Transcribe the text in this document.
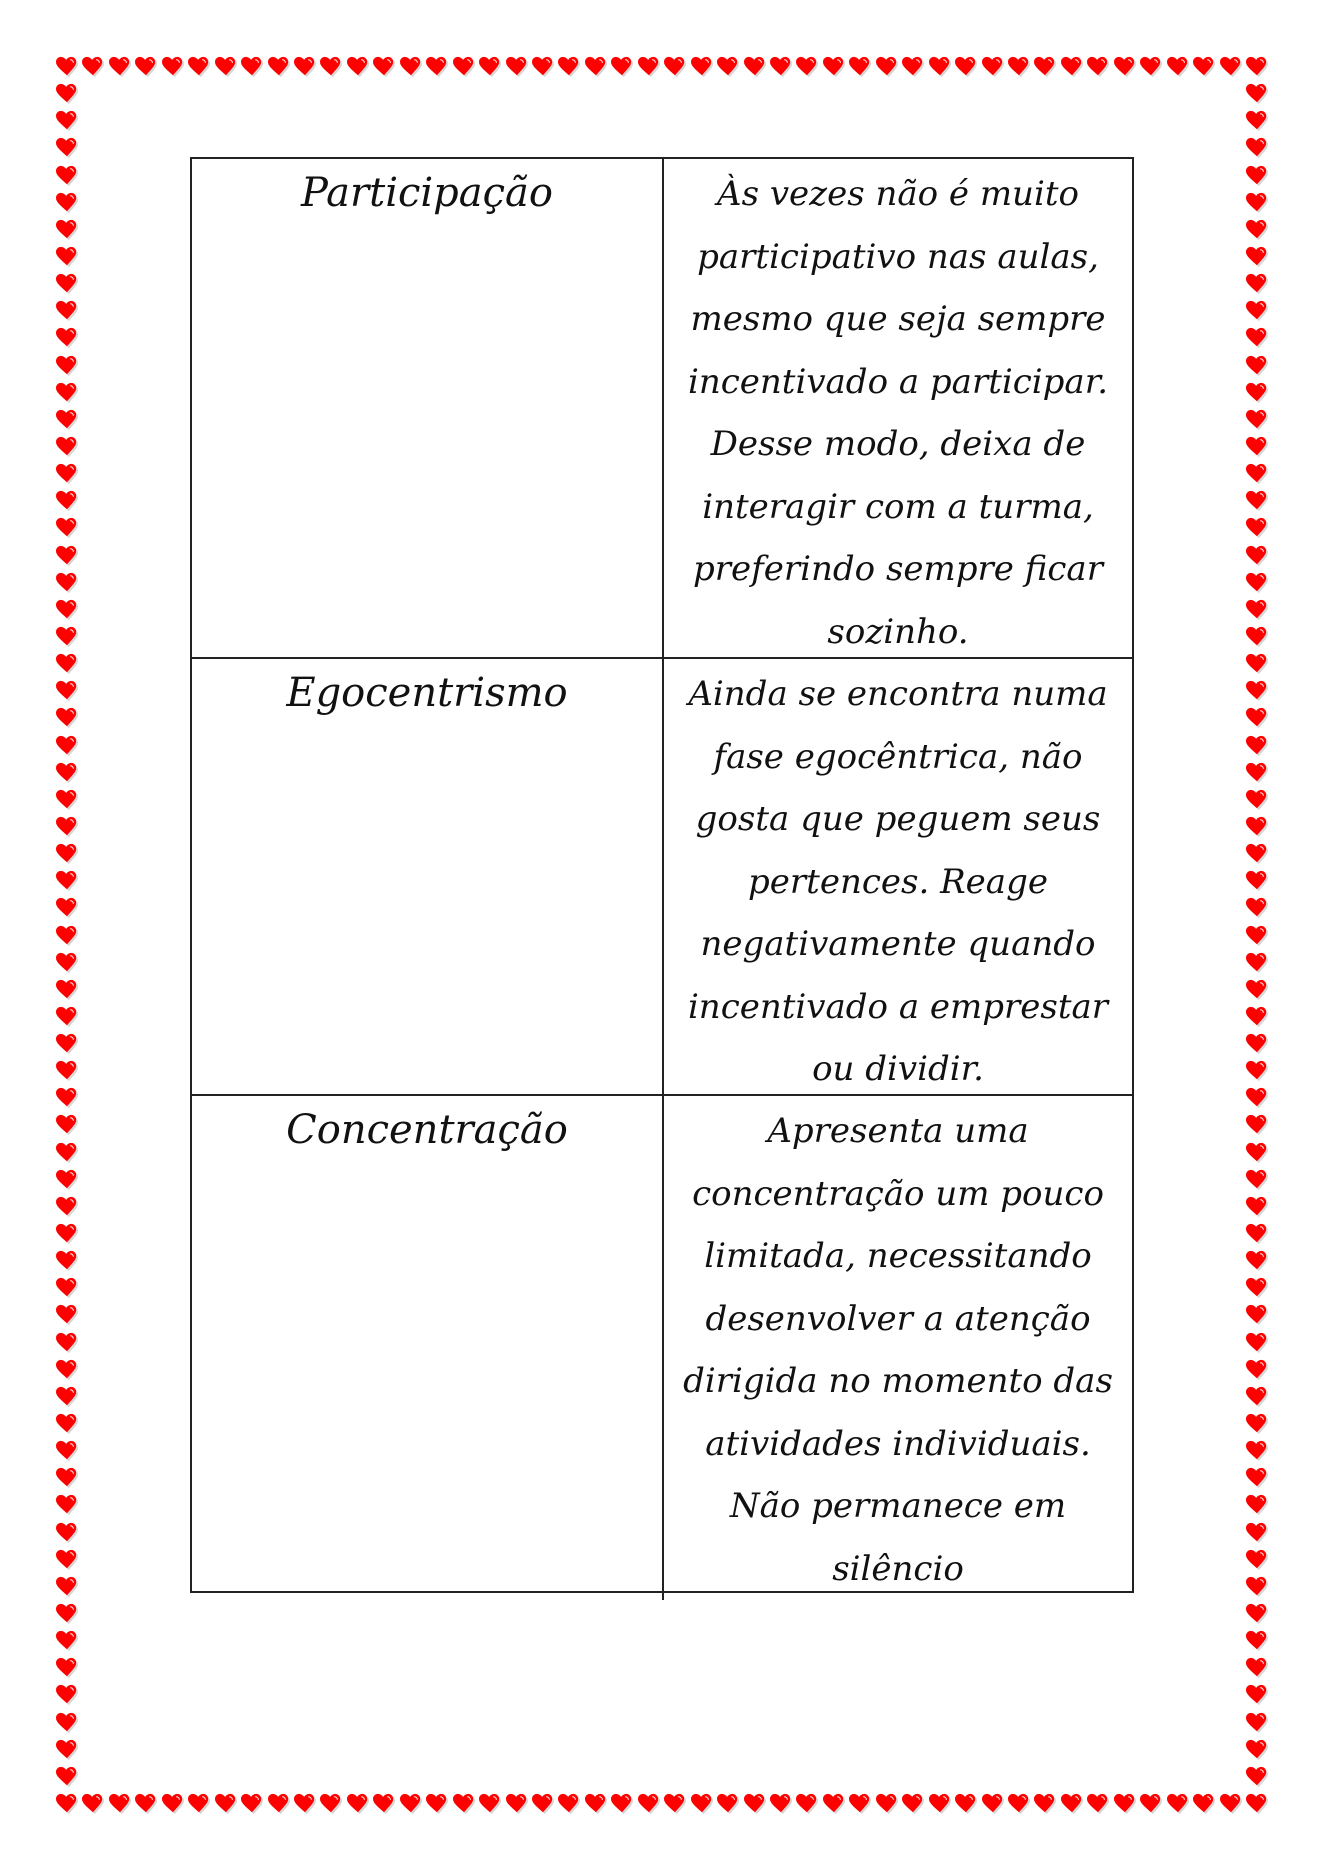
Participação	Às vezes não é muito participativo nas aulas, mesmo que seja sempre incentivado a participar. Desse modo, deixa de interagir com a turma, preferindo sempre ficar sozinho.
Egocentrismo	Ainda se encontra numa fase egocêntrica, não gosta que peguem seus pertences. Reage negativamente quando incentivado a emprestar ou dividir.
Concentração	Apresenta uma concentração um pouco limitada, necessitando desenvolver a atenção dirigida no momento das atividades individuais. Não permanece em silêncio
